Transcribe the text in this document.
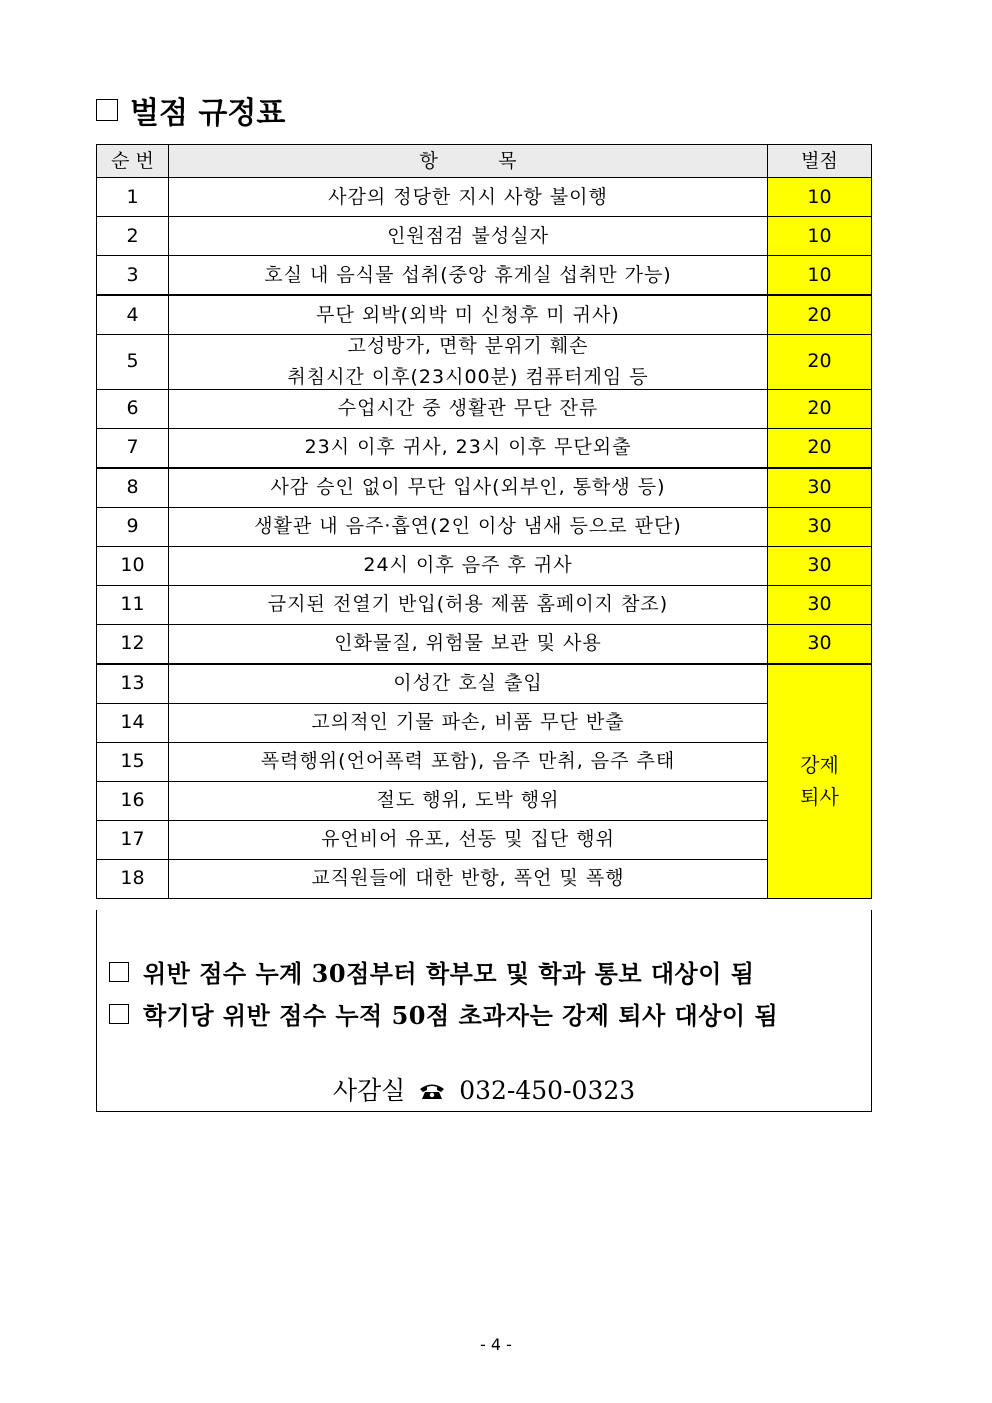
벌점 규정표
순 번	항          목	벌점
1	사감의 정당한 지시 사항 불이행	10
2	인원점검 불성실자	10
3	호실 내 음식물 섭취(중앙 휴게실 섭취만 가능)	10
4	무단 외박(외박 미 신청후 미 귀사)	20
5	고성방가, 면학 분위기 훼손
취침시간 이후(23시00분) 컴퓨터게임 등	20
6	수업시간 중 생활관 무단 잔류	20
7	23시 이후 귀사, 23시 이후 무단외출	20
8	사감 승인 없이 무단 입사(외부인, 통학생 등)	30
9	생활관 내 음주·흡연(2인 이상 냄새 등으로 판단)	30
10	24시 이후 음주 후 귀사	30
11	금지된 전열기 반입(허용 제품 홈페이지 참조)	30
12	인화물질, 위험물 보관 및 사용	30
13	이성간 호실 출입	강제
퇴사

14	고의적인 기물 파손, 비품 무단 반출	
15	폭력행위(언어폭력 포함), 음주 만취, 음주 추태	
16	절도 행위, 도박 행위	
17	유언비어 유포, 선동 및 집단 행위	
18	교직원들에 대한 반항, 폭언 및 폭행	
위반 점수 누계 30점부터 학부모 및 학과 통보 대상이 됨
학기당 위반 점수 누적 50점 초과자는 강제 퇴사 대상이 됨
사감실 032-450-0323
- 4 -
